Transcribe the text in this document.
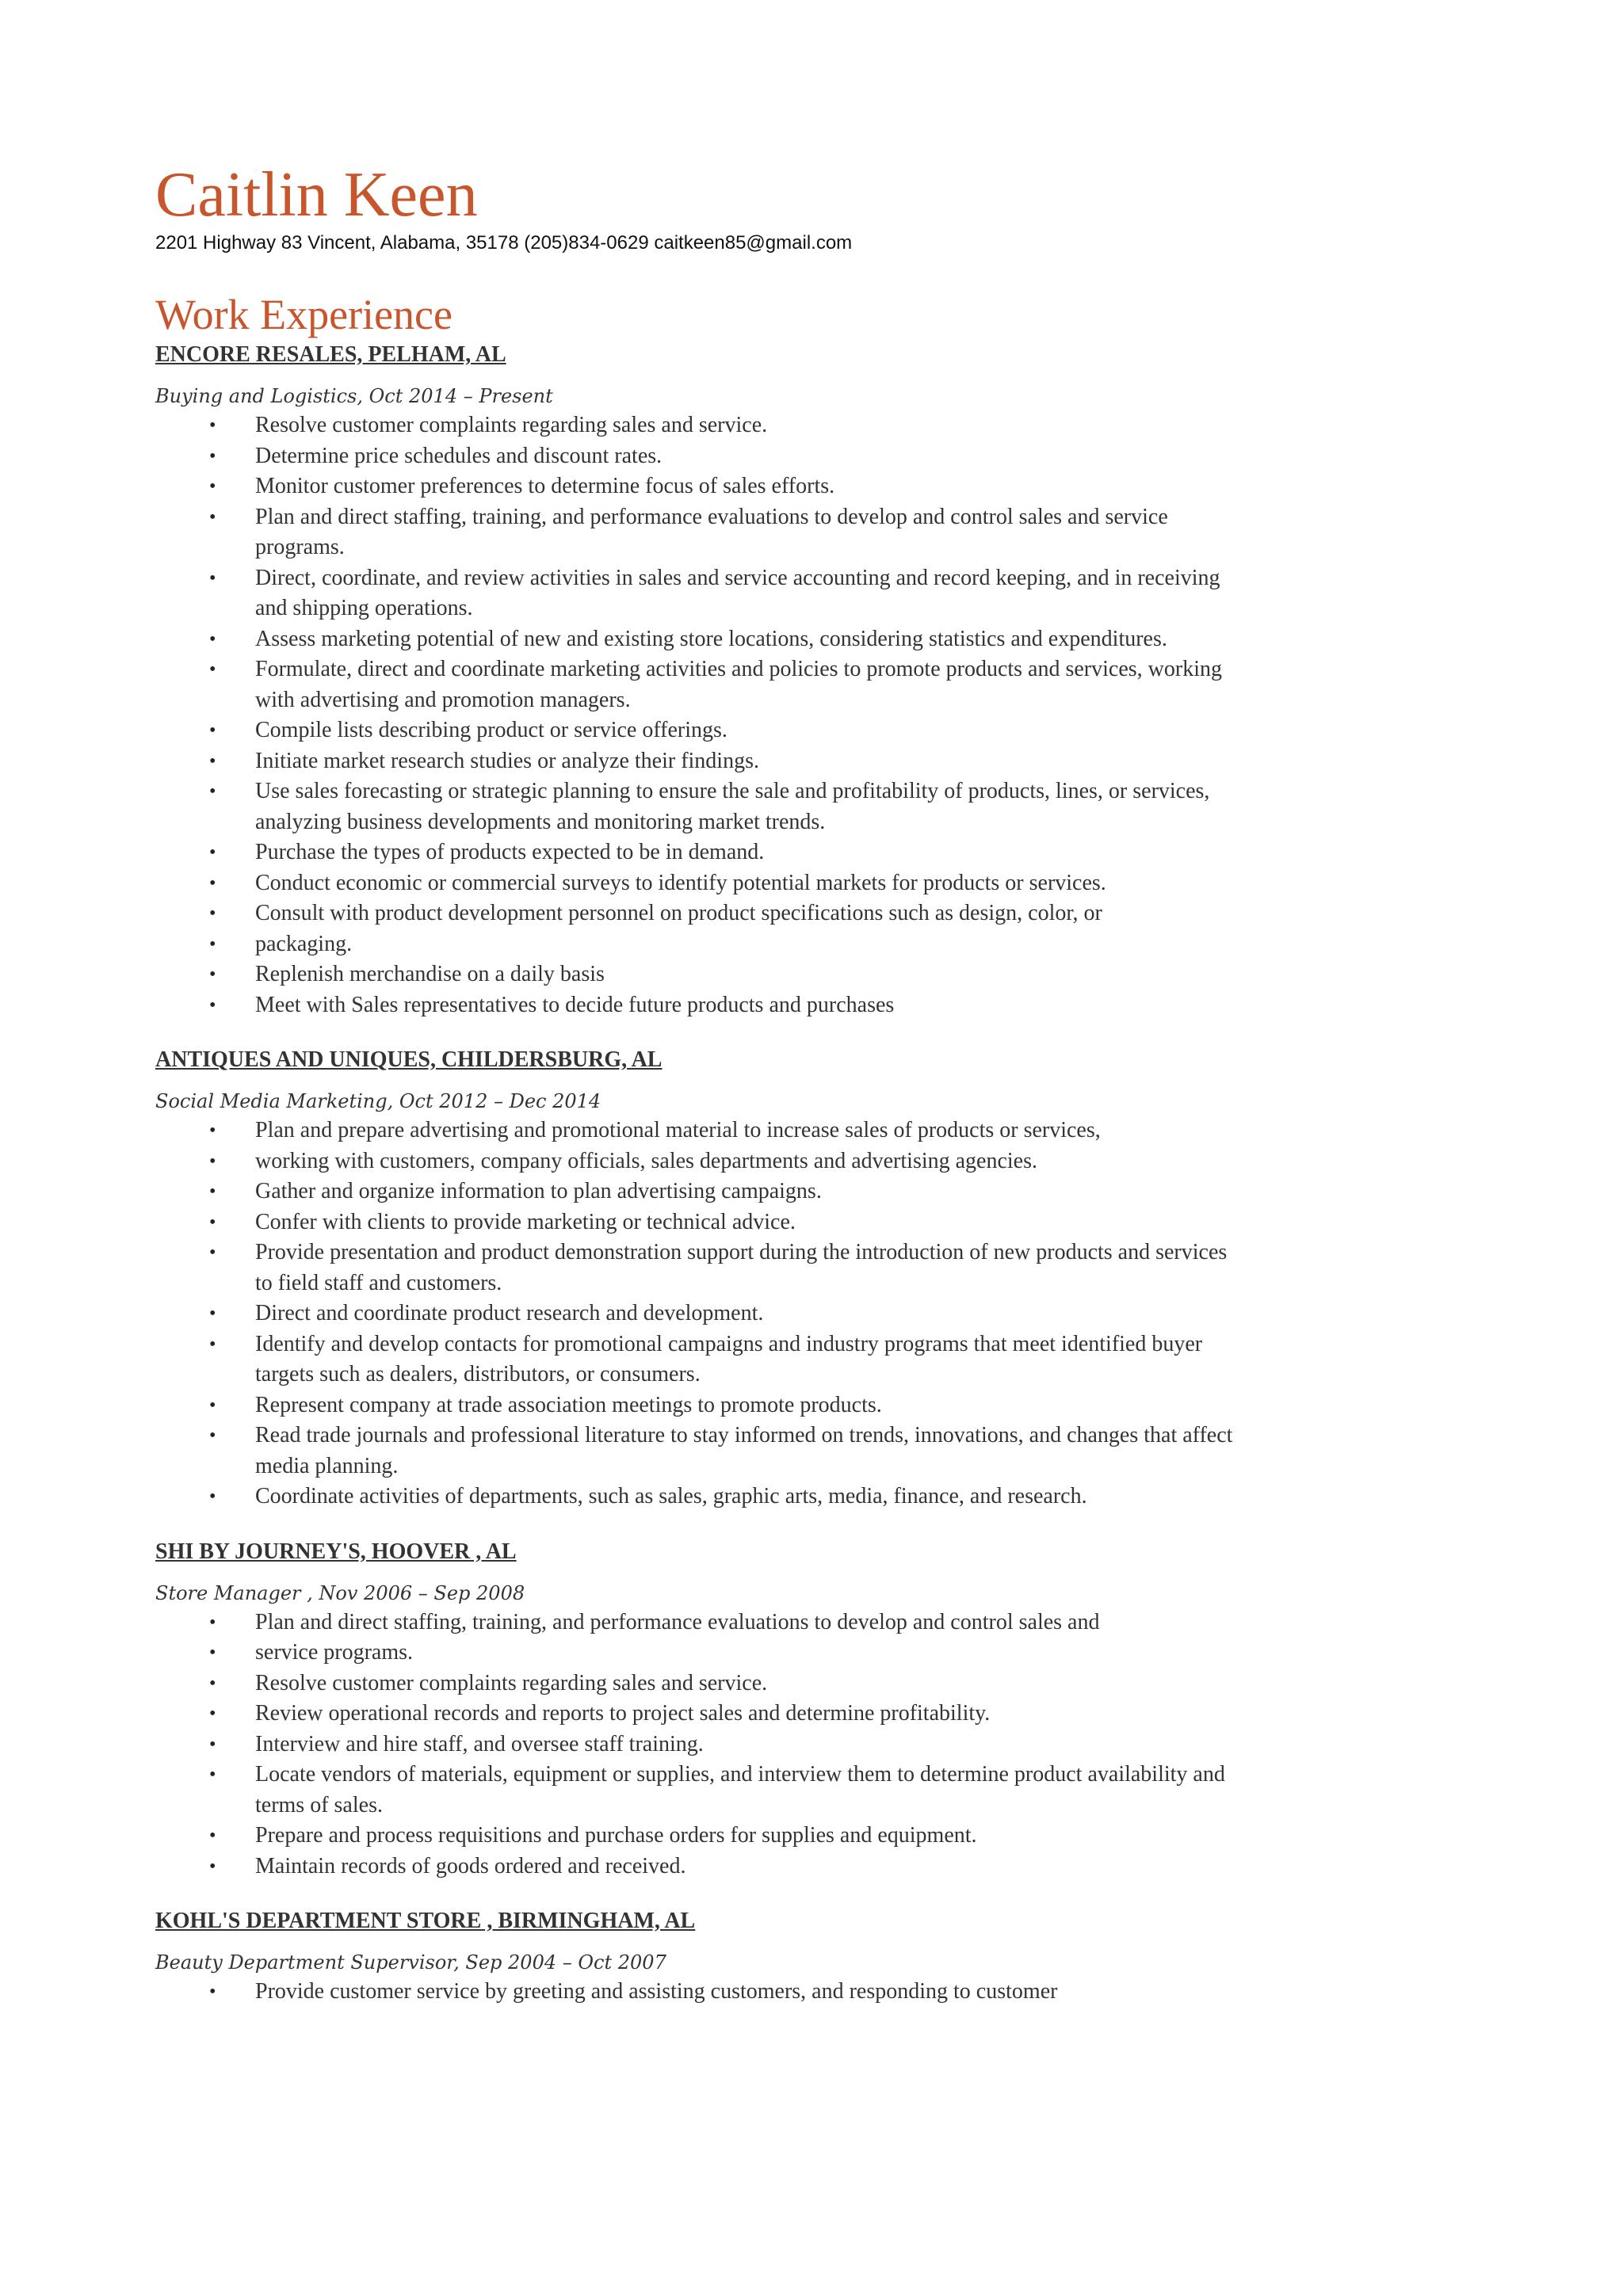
Caitlin Keen
2201 Highway 83 Vincent, Alabama, 35178 (205)834-0629 caitkeen85@gmail.com
Work Experience
ENCORE RESALES, PELHAM, AL
Buying and Logistics, Oct 2014 – Present
• Resolve customer complaints regarding sales and service.
• Determine price schedules and discount rates.
• Monitor customer preferences to determine focus of sales efforts.
• Plan and direct staffing, training, and performance evaluations to develop and control sales and service programs.
• Direct, coordinate, and review activities in sales and service accounting and record keeping, and in receiving and shipping operations.
• Assess marketing potential of new and existing store locations, considering statistics and expenditures.
• Formulate, direct and coordinate marketing activities and policies to promote products and services, working with advertising and promotion managers.
• Compile lists describing product or service offerings.
• Initiate market research studies or analyze their findings.
• Use sales forecasting or strategic planning to ensure the sale and profitability of products, lines, or services, analyzing business developments and monitoring market trends.
• Purchase the types of products expected to be in demand.
• Conduct economic or commercial surveys to identify potential markets for products or services.
• Consult with product development personnel on product specifications such as design, color, or
• packaging.
• Replenish merchandise on a daily basis
• Meet with Sales representatives to decide future products and purchases
ANTIQUES AND UNIQUES, CHILDERSBURG, AL
Social Media Marketing, Oct 2012 – Dec 2014
• Plan and prepare advertising and promotional material to increase sales of products or services,
• working with customers, company officials, sales departments and advertising agencies.
• Gather and organize information to plan advertising campaigns.
• Confer with clients to provide marketing or technical advice.
• Provide presentation and product demonstration support during the introduction of new products and services to field staff and customers.
• Direct and coordinate product research and development.
• Identify and develop contacts for promotional campaigns and industry programs that meet identified buyer targets such as dealers, distributors, or consumers.
• Represent company at trade association meetings to promote products.
• Read trade journals and professional literature to stay informed on trends, innovations, and changes that affect media planning.
• Coordinate activities of departments, such as sales, graphic arts, media, finance, and research.
SHI BY JOURNEY'S, HOOVER , AL
Store Manager , Nov 2006 – Sep 2008
• Plan and direct staffing, training, and performance evaluations to develop and control sales and
• service programs.
• Resolve customer complaints regarding sales and service.
• Review operational records and reports to project sales and determine profitability.
• Interview and hire staff, and oversee staff training.
• Locate vendors of materials, equipment or supplies, and interview them to determine product availability and terms of sales.
• Prepare and process requisitions and purchase orders for supplies and equipment.
• Maintain records of goods ordered and received.
KOHL'S DEPARTMENT STORE , BIRMINGHAM, AL
Beauty Department Supervisor, Sep 2004 – Oct 2007
• Provide customer service by greeting and assisting customers, and responding to customer
